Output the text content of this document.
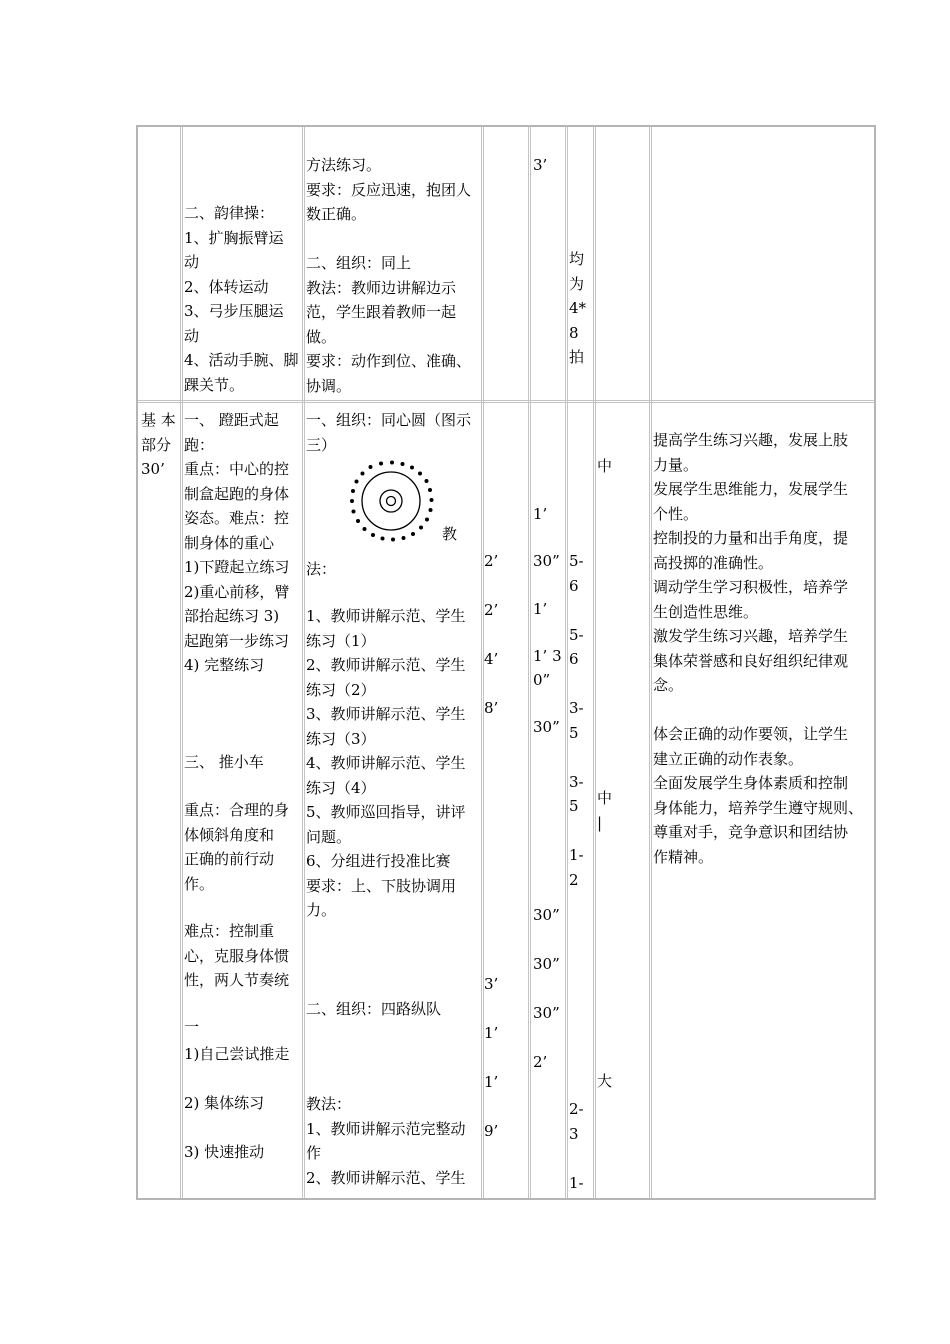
二、韵律操：
1、扩胸振臂运
动
2、体转运动
3、弓步压腿运
动
4、活动手腕、脚
踝关节。
方法练习。
要求：反应迅速，抱团人
数正确。

二、组织：同上
教法：教师边讲解边示
范，学生跟着教师一起
做。
要求：动作到位、准确、
协调。
3’
均
为
4*
8
拍
基 本
部分
30’
一、 蹬距式起
跑：
重点：中心的控
制盒起跑的身体
姿态。难点：控
制身体的重心
1)下蹬起立练习
2)重心前移，臂
部抬起练习 3)
起跑第一步练习
4) 完整练习
三、 推小车
重点：合理的身
体倾斜角度和
正确的前行动
作。
难点：控制重
心，克服身体惯
性，两人节奏统
一
1)自己尝试推走

2) 集体练习

3) 快速推动
一、组织：同心圆（图示
三）
教
法：
1、教师讲解示范、学生
练习（1）
2、教师讲解示范、学生
练习（2）
3、教师讲解示范、学生
练习（3）
4、教师讲解示范、学生
练习（4）
5、教师巡回指导，讲评
问题。
6、分组进行投准比赛
要求：上、下肢协调用
力。
二、组织：四路纵队
教法：
1、教师讲解示范完整动
作
2、教师讲解示范、学生
2’

2’

4’

8’
3’

1’

1’

9’
1’

30”

1’

1’ 3
0”

30”
30”

30”

30”

2’
5-
6

5-
6

3-
5

3-
5

1-
2
2-
3

1-
中
中
|
大
提高学生练习兴趣，发展上肢
力量。
发展学生思维能力，发展学生
个性。
控制投的力量和出手角度，提
高投掷的准确性。
调动学生学习积极性，培养学
生创造性思维。
激发学生练习兴趣，培养学生
集体荣誉感和良好组织纪律观
念。

体会正确的动作要领，让学生
建立正确的动作表象。
全面发展学生身体素质和控制
身体能力，培养学生遵守规则、
尊重对手，竞争意识和团结协
作精神。
